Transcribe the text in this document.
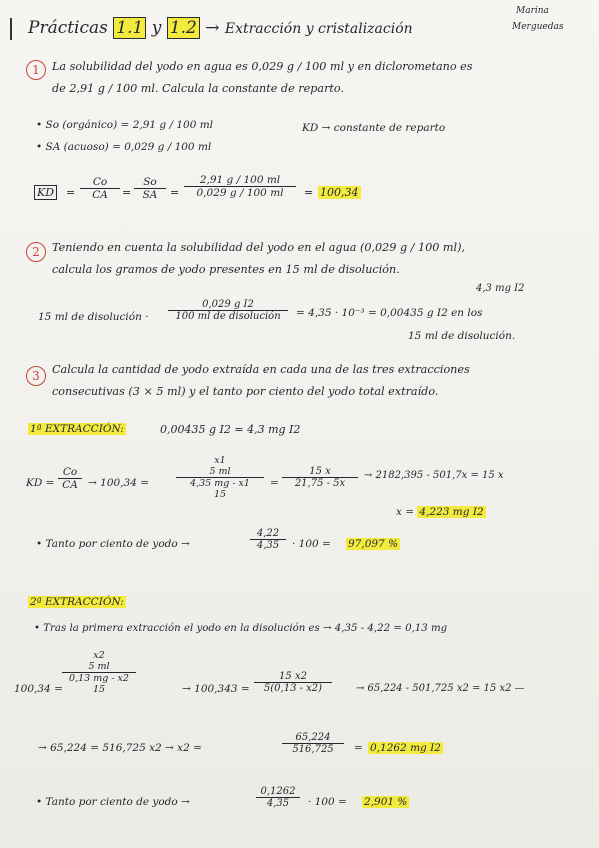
Prácticas 1.1 y 1.2 → Extracción y cristalización
Marina
Merguedas
1	La solubilidad del yodo en agua es 0,029 g / 100 ml y en diclorometano es
de 2,91 g / 100 ml. Calcula la constante de reparto.
• So (orgánico) = 2,91 g / 100 ml
• SA (acuoso) = 0,029 g / 100 ml
KD → constante de reparto
KD = $\frac{Co}{CA} = \frac{So}{SA} = \frac{2,91 g / 100 ml}{0,029 g / 100 ml} = 100,34$
2	Teniendo en cuenta la solubilidad del yodo en el agua (0,029 g / 100 ml),
calcula los gramos de yodo presentes en 15 ml de disolución.
4,3 mg I2
15 ml de disolución ·
0,029 g I2
100 ml de disolución	= 4,35 · 10⁻³ = 0,00435 g I2 en los
15 ml de disolución.
3	Calcula la cantidad de yodo extraída en cada una de las tres extracciones
consecutivas (3 × 5 ml) y el tanto por ciento del yodo total extraído.
1ª EXTRACCIÓN:	0,00435 g I2 = 4,3 mg I2
KD = $\frac{Co}{CA} \to 100,34$ =
x1
5 ml
4,35 mg - x1
15
= $\frac{15 x}{21,75 - 5x} \to 2182,395 - 501,7x = 15$ x
x = 4,223 mg I2
• Tanto por ciento de yodo →	$\frac{4,22}{4,35} \cdot 100 = 97,097$ %
2ª EXTRACCIÓN:
• Tras la primera extracción el yodo en la disolución es → 4,35 - 4,22 = 0,13 mg
100,34 =
x2
5 ml
0,13 mg - x2
15	→ $100,343 = \frac{15 x2}{5(0,13 - x2)} \to 65,224 - 501,725$ x2 = 15 x2 —
→ 65,224 = 516,725 x2 → x2 =	$\frac{65,224}{516,725} = 0,1262$ mg I2
• Tanto por ciento de yodo →	$\frac{0,1262}{4,35} \cdot 100 = 2,901$ %
